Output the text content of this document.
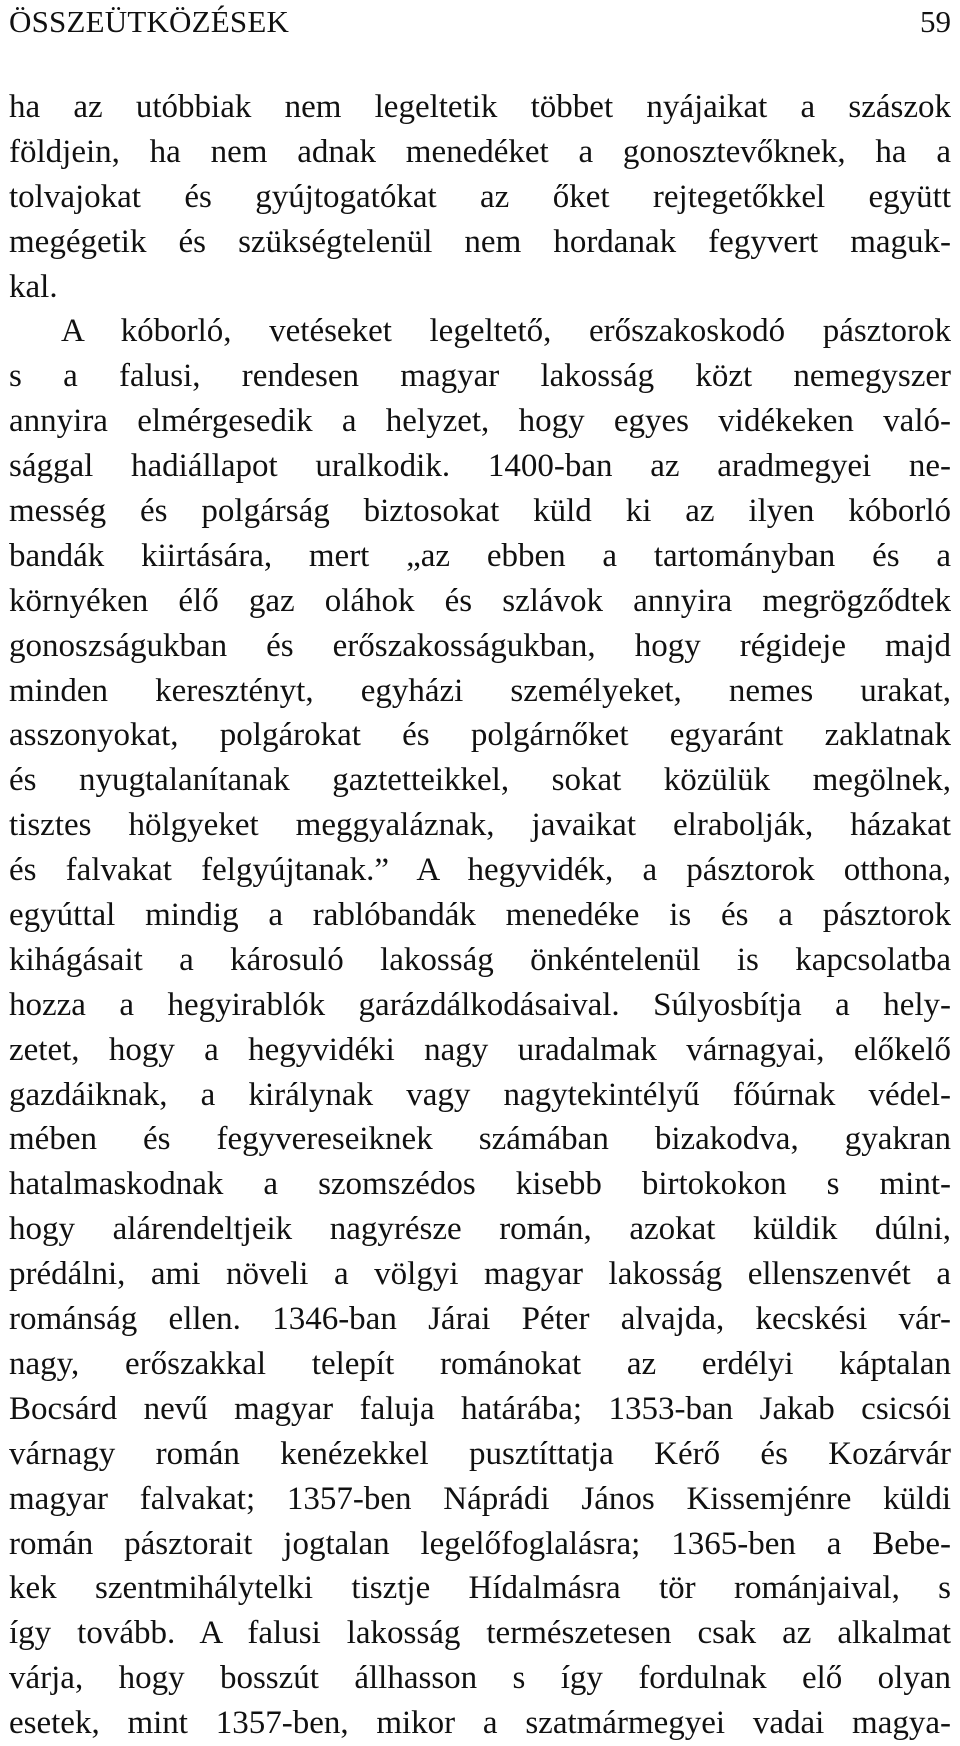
ÖSSZEÜTKÖZÉSEK	59
ha az utóbbiak nem legeltetik többet nyájaikat a szászok
földjein, ha nem adnak menedéket a gonosztevőknek, ha a
tolvajokat és gyújtogatókat az őket rejtegetőkkel együtt
megégetik és szükségtelenül nem hordanak fegyvert maguk-
kal.
A kóborló, vetéseket legeltető, erőszakoskodó pásztorok
s a falusi, rendesen magyar lakosság közt nemegyszer
annyira elmérgesedik a helyzet, hogy egyes vidékeken való-
sággal hadiállapot uralkodik. 1400-ban az aradmegyei ne-
messég és polgárság biztosokat küld ki az ilyen kóborló
bandák kiirtására, mert „az ebben a tartományban és a
környéken élő gaz oláhok és szlávok annyira megrögződtek
gonoszságukban és erőszakosságukban, hogy régideje majd
minden keresztényt, egyházi személyeket, nemes urakat,
asszonyokat, polgárokat és polgárnőket egyaránt zaklatnak
és nyugtalanítanak gaztetteikkel, sokat közülük megölnek,
tisztes hölgyeket meggyaláznak, javaikat elrabolják, házakat
és falvakat felgyújtanak.” A hegyvidék, a pásztorok otthona,
egyúttal mindig a rablóbandák menedéke is és a pásztorok
kihágásait a károsuló lakosság önkéntelenül is kapcsolatba
hozza a hegyirablók garázdálkodásaival. Súlyosbítja a hely-
zetet, hogy a hegyvidéki nagy uradalmak várnagyai, előkelő
gazdáiknak, a királynak vagy nagytekintélyű főúrnak védel-
mében és fegyvereseiknek számában bizakodva, gyakran
hatalmaskodnak a szomszédos kisebb birtokokon s mint-
hogy alárendeltjeik nagyrésze román, azokat küldik dúlni,
prédálni, ami növeli a völgyi magyar lakosság ellenszenvét a
románság ellen. 1346-ban Járai Péter alvajda, kecskési vár-
nagy, erőszakkal telepít románokat az erdélyi káptalan
Bocsárd nevű magyar faluja határába; 1353-ban Jakab csicsói
várnagy román kenézekkel pusztíttatja Kérő és Kozárvár
magyar falvakat; 1357-ben Náprádi János Kissemjénre küldi
román pásztorait jogtalan legelőfoglalásra; 1365-ben a Bebe-
kek szentmihálytelki tisztje Hídalmásra tör románjaival, s
így tovább. A falusi lakosság természetesen csak az alkalmat
várja, hogy bosszút állhasson s így fordulnak elő olyan
esetek, mint 1357-ben, mikor a szatmármegyei vadai magya-
